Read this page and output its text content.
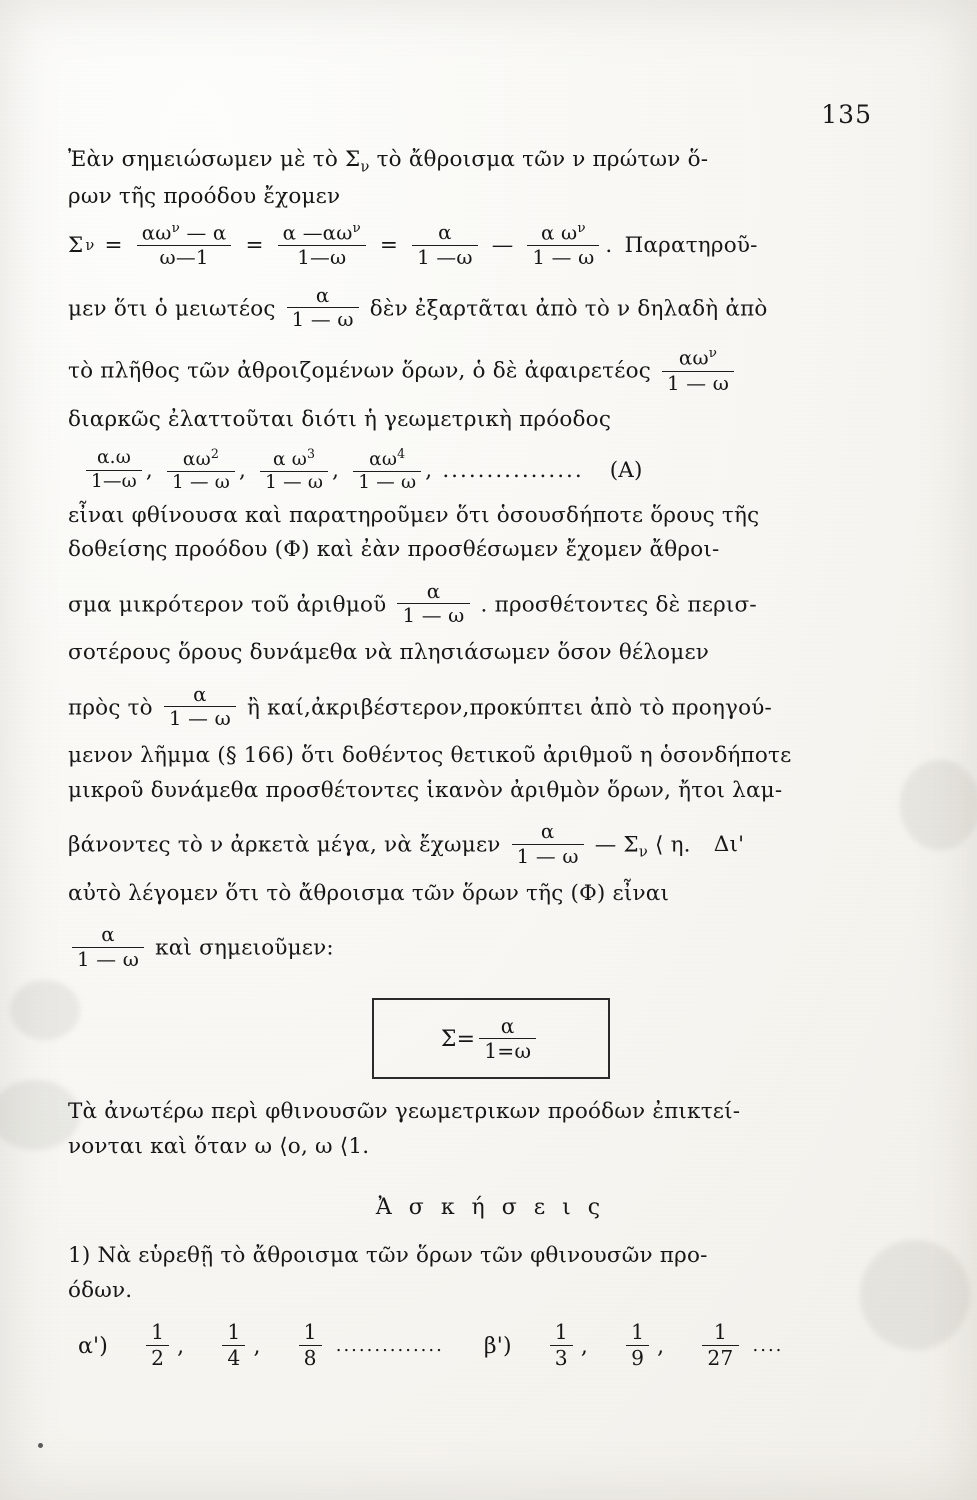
135

Ἐὰν σημειώσωμεν μὲ τὸ $\Sigma_\nu$ τὸ ἄθροισμα τῶν ν πρώτων ὅ-

ρων τῆς προόδου ἔχομεν

Σ $\nu = \frac{\alpha\omega^\nu — \alpha}{\omega—1} = \frac{\alpha —\alpha\omega^\nu}{1—\omega} = \frac{\alpha}{1 —\omega}$ — $\frac{\alpha \omega^\nu}{1 — \omega}$ . Παρατηροῦ-
μεν ὅτι ὁ μειωτέος $\frac{\alpha}{1 — \omega}$ δὲν ἐξαρτᾶται ἀπὸ τὸ ν δηλαδὴ ἀπὸ
τὸ πλῆθος τῶν ἀθροιζομένων ὅρων, ὁ δὲ ἀφαιρετέος $\frac{\alpha\omega^\nu}{1 — \omega}$

διαρκῶς ἐλαττοῦται διότι ἡ γεωμετρικὴ πρόοδος

$\frac{\alpha.\omega}{1—\omega}$ , $\frac{\alpha\omega^2}{1 — \omega}$ , $\frac{\alpha \omega^3}{1 — \omega}$ , $\frac{\alpha\omega^4}{1 — \omega}$ , ................ (A)

εἶναι φθίνουσα καὶ παρατηροῦμεν ὅτι ὁσουσδήποτε ὅρους τῆς

δοθείσης προόδου (Φ) καὶ ἐὰν προσθέσωμεν ἔχομεν ἄθροι-

σμα μικρότερον τοῦ ἀριθμοῦ $\frac{\alpha}{1 — \omega}$ . προσθέτοντες δὲ περισ-

σοτέρους ὅρους δυνάμεθα νὰ πλησιάσωμεν ὅσον θέλομεν

πρὸς τὸ $\frac{\alpha}{1 — \omega}$ ἢ καί,ἀκριβέστερον,προκύπτει ἀπὸ τὸ προηγού-

μενον λῆμμα (§ 166) ὅτι δοθέντος θετικοῦ ἀριθμοῦ η ὁσονδήποτε

μικροῦ δυνάμεθα προσθέτοντες ἱκανὸν ἀριθμὸν ὅρων, ἤτοι λαμ-

βάνοντες τὸ ν ἀρκετὰ μέγα, νὰ ἔχωμεν $\frac{\alpha}{1 — \omega}$ — $\Sigma_\nu$ ⟨ η. Δι'

αὐτὸ λέγομεν ὅτι τὸ ἄθροισμα τῶν ὅρων τῆς (Φ) εἶναι

$\frac{\alpha}{1 — \omega}$ καὶ σημειοῦμεν:
$\Sigma= \frac{\alpha}{1=\omega}$

Τὰ ἀνωτέρω περὶ φθινουσῶν γεωμετρικων προόδων ἐπικτεί-

νονται καὶ ὅταν ω ⟨ο, ω ⟨1.

Ἀ σ κ ή σ ε ι ς

1) Νὰ εὑρεθῇ τὸ ἄθροισμα τῶν ὅρων τῶν φθινουσῶν προ-

όδων.

$\alpha') \frac{1}{2}$ , $\frac{1}{4}$ , $\frac{1}{8}$ .............. $\beta') \frac{1}{3}$ , $\frac{1}{9}$ , $\frac{1}{27}$ ....
